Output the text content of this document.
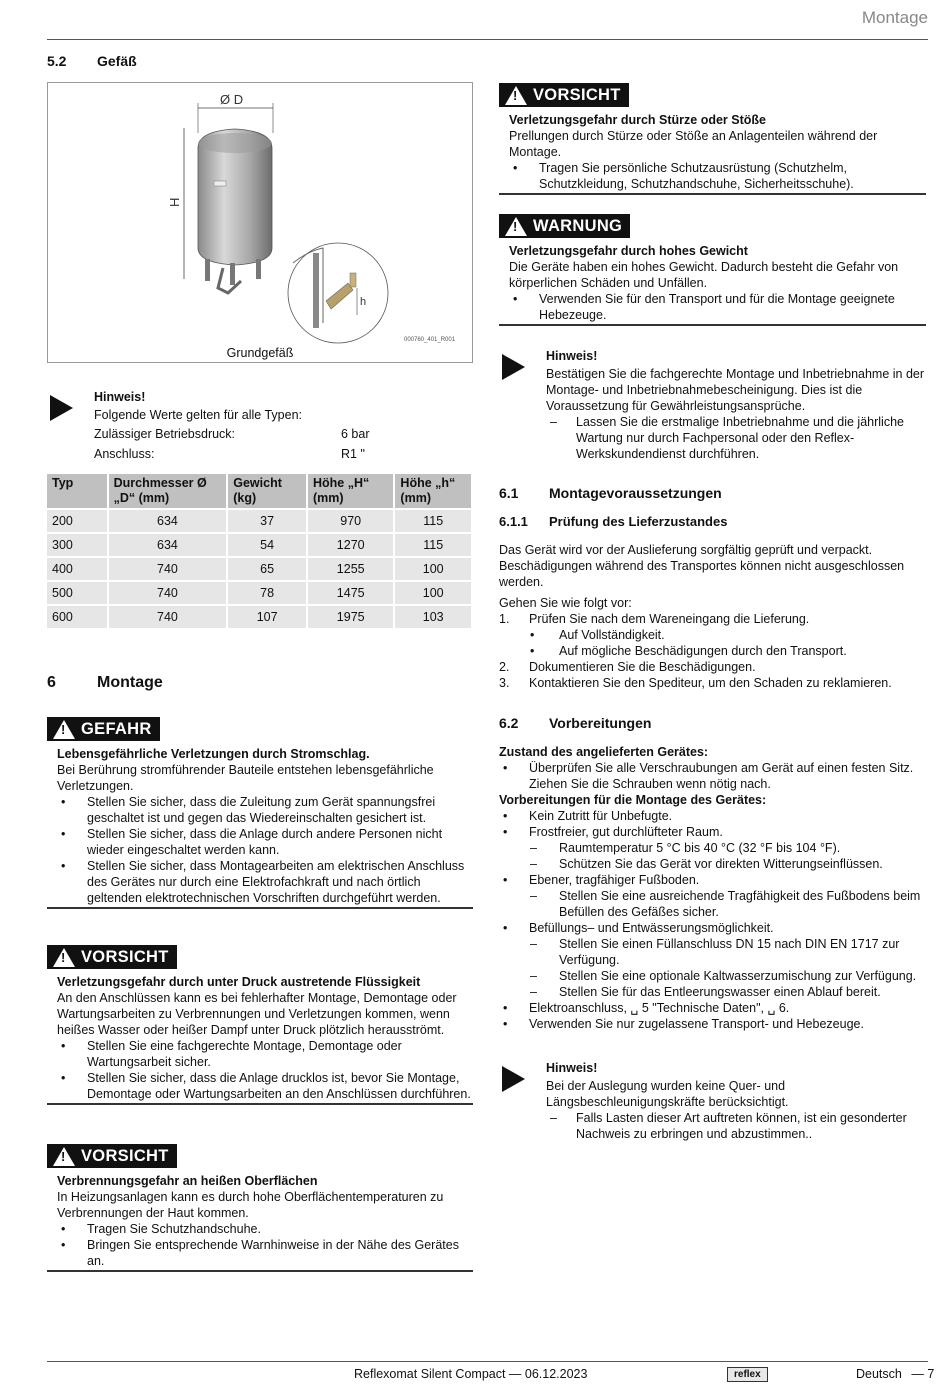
Montage
5.2 Gefäß
Ø D
H
h
000760_401_R001
Grundgefäß
Hinweis!
Folgende Werte gelten für alle Typen:
Zulässiger Betriebsdruck:	6 bar
Anschluss:	R1 "
Typ	Durchmesser Ø „D“ (mm)	Gewicht (kg)	Höhe „H“ (mm)	Höhe „h“ (mm)
200	634	37	970	115
300	634	54	1270	115
400	740	65	1255	100
500	740	78	1475	100
600	740	107	1975	103
6	Montage
! GEFAHR
Lebensgefährliche Verletzungen durch Stromschlag.
Bei Berührung stromführender Bauteile entstehen lebensgefährliche Verletzungen.
• Stellen Sie sicher, dass die Zuleitung zum Gerät spannungsfrei geschaltet ist und gegen das Wiedereinschalten gesichert ist.
• Stellen Sie sicher, dass die Anlage durch andere Personen nicht wieder eingeschaltet werden kann.
• Stellen Sie sicher, dass Montagearbeiten am elektrischen Anschluss des Gerätes nur durch eine Elektrofachkraft und nach örtlich geltenden elektrotechnischen Vorschriften durchgeführt werden.
! VORSICHT
Verletzungsgefahr durch unter Druck austretende Flüssigkeit
An den Anschlüssen kann es bei fehlerhafter Montage, Demontage oder Wartungsarbeiten zu Verbrennungen und Verletzungen kommen, wenn heißes Wasser oder heißer Dampf unter Druck plötzlich herausströmt.
• Stellen Sie eine fachgerechte Montage, Demontage oder Wartungsarbeit sicher.
• Stellen Sie sicher, dass die Anlage drucklos ist, bevor Sie Montage, Demontage oder Wartungsarbeiten an den Anschlüssen durchführen.
! VORSICHT
Verbrennungsgefahr an heißen Oberflächen
In Heizungsanlagen kann es durch hohe Oberflächentemperaturen zu Verbrennungen der Haut kommen.
• Tragen Sie Schutzhandschuhe.
• Bringen Sie entsprechende Warnhinweise in der Nähe des Gerätes an.
! VORSICHT
Verletzungsgefahr durch Stürze oder Stöße
Prellungen durch Stürze oder Stöße an Anlagenteilen während der Montage.
• Tragen Sie persönliche Schutzausrüstung (Schutzhelm, Schutzkleidung, Schutzhandschuhe, Sicherheitsschuhe).
! WARNUNG
Verletzungsgefahr durch hohes Gewicht
Die Geräte haben ein hohes Gewicht. Dadurch besteht die Gefahr von körperlichen Schäden und Unfällen.
• Verwenden Sie für den Transport und für die Montage geeignete Hebezeuge.
Hinweis!
Bestätigen Sie die fachgerechte Montage und Inbetriebnahme in der Montage- und Inbetriebnahmebescheinigung. Dies ist die Voraussetzung für Gewährleistungsansprüche.
– Lassen Sie die erstmalige Inbetriebnahme und die jährliche Wartung nur durch Fachpersonal oder den Reflex-Werkskundendienst durchführen.
6.1 Montagevoraussetzungen
6.1.1 Prüfung des Lieferzustandes
Das Gerät wird vor der Auslieferung sorgfältig geprüft und verpackt. Beschädigungen während des Transportes können nicht ausgeschlossen werden.
Gehen Sie wie folgt vor:
1. Prüfen Sie nach dem Wareneingang die Lieferung.
• Auf Vollständigkeit.
• Auf mögliche Beschädigungen durch den Transport.
2. Dokumentieren Sie die Beschädigungen.
3. Kontaktieren Sie den Spediteur, um den Schaden zu reklamieren.
6.2 Vorbereitungen
Zustand des angelieferten Gerätes:
• Überprüfen Sie alle Verschraubungen am Gerät auf einen festen Sitz. Ziehen Sie die Schrauben wenn nötig nach.
Vorbereitungen für die Montage des Gerätes:
• Kein Zutritt für Unbefugte.
• Frostfreier, gut durchlüfteter Raum.
– Raumtemperatur 5 °C bis 40 °C (32 °F bis 104 °F).
– Schützen Sie das Gerät vor direkten Witterungseinflüssen.
• Ebener, tragfähiger Fußboden.
– Stellen Sie eine ausreichende Tragfähigkeit des Fußbodens beim Befüllen des Gefäßes sicher.
• Befüllungs– und Entwässerungsmöglichkeit.
– Stellen Sie einen Füllanschluss DN 15 nach DIN EN 1717 zur Verfügung.
– Stellen Sie eine optionale Kaltwasserzumischung zur Verfügung.
– Stellen Sie für das Entleerungswasser einen Ablauf bereit.
• Elektroanschluss, ␣ 5 "Technische Daten", ␣ 6.
• Verwenden Sie nur zugelassene Transport- und Hebezeuge.
Hinweis!
Bei der Auslegung wurden keine Quer- und Längsbeschleunigungskräfte berücksichtigt.
– Falls Lasten dieser Art auftreten können, ist ein gesonderter Nachweis zu erbringen und abzustimmen..
Reflexomat Silent Compact — 06.12.2023	reflex	Deutsch — 7
